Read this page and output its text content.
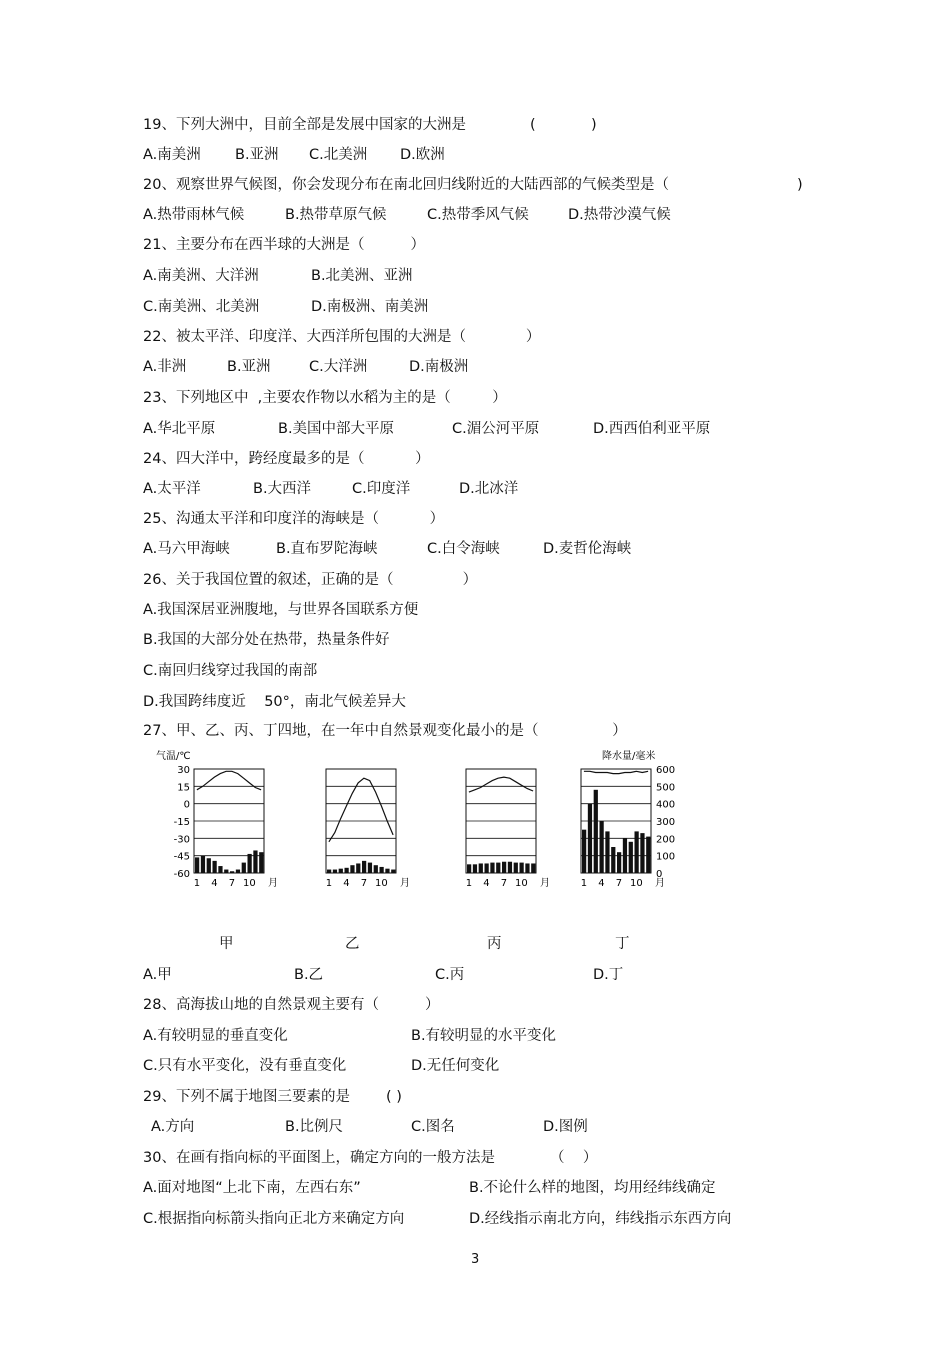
19、下列大洲中，目前全部是发展中国家的大洲是	(            )
A.南美洲 B.亚洲 C.北美洲 D.欧洲
20、观察世界气候图，你会发现分布在南北回归线附近的大陆西部的气候类型是（	)
A.热带雨林气候	B.热带草原气候	C.热带季风气候	D.热带沙漠气候
21、主要分布在西半球的大洲是（          ）
A.南美洲、大洋洲	B.北美洲、亚洲
C.南美洲、北美洲	D.南极洲、南美洲
22、被太平洋、印度洋、大西洋所包围的大洲是（             ）
A.非洲	B.亚洲	C.大洋洲	D.南极洲
23、下列地区中  ,主要农作物以水稻为主的是（         ）
A.华北平原	B.美国中部大平原	C.湄公河平原	D.西西伯利亚平原
24、四大洋中，跨经度最多的是（           ）
A.太平洋	B.大西洋	C.印度洋	D.北冰洋
25、沟通太平洋和印度洋的海峡是（           ）
A.马六甲海峡	B.直布罗陀海峡	C.白令海峡	D.麦哲伦海峡
26、关于我国位置的叙述，正确的是（               ）
A.我国深居亚洲腹地，与世界各国联系方便
B.我国的大部分处在热带，热量条件好
C.南回归线穿过我国的南部
D.我国跨纬度近    50°，南北气候差异大
27、甲、乙、丙、丁四地，在一年中自然景观变化最小的是（                ）
气温/℃	降水量/毫米
30
15
0
-15
-30
-45
-60
600
500
400
300
200
100
0
1 4 7 10 月	1 4 7 10 月	1 4 7 10 月	1 4 7 10 月
甲	乙	丙	丁
A.甲	B.乙	C.丙	D.丁
28、高海拔山地的自然景观主要有（          ）
A.有较明显的垂直变化	B.有较明显的水平变化
C.只有水平变化，没有垂直变化	D.无任何变化
29、下列不属于地图三要素的是 ( )
A.方向	B.比例尺	C.图名	D.图例
30、在画有指向标的平面图上，确定方向的一般方法是	（    ）
A.面对地图“上北下南，左西右东”	B.不论什么样的地图，均用经纬线确定
C.根据指向标箭头指向正北方来确定方向	D.经线指示南北方向，纬线指示东西方向
3
